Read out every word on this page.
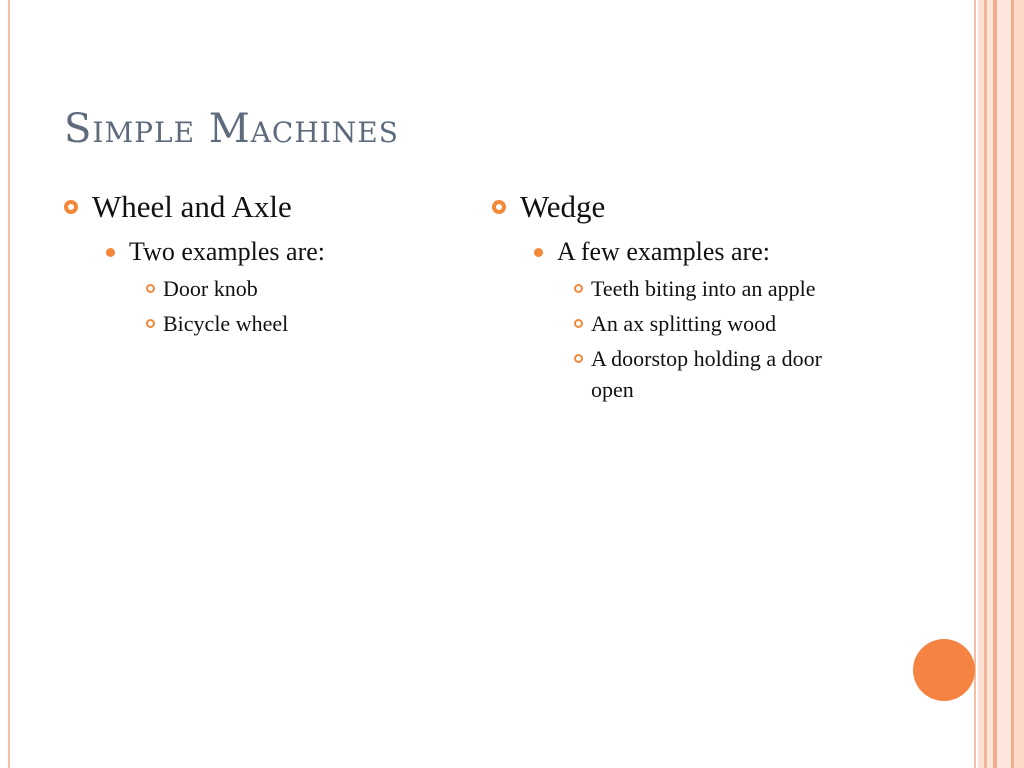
Simple Machines
Wheel and Axle
Two examples are:
Door knob
Bicycle wheel
Wedge
A few examples are:
Teeth biting into an apple
An ax splitting wood
A doorstop holding a door open
